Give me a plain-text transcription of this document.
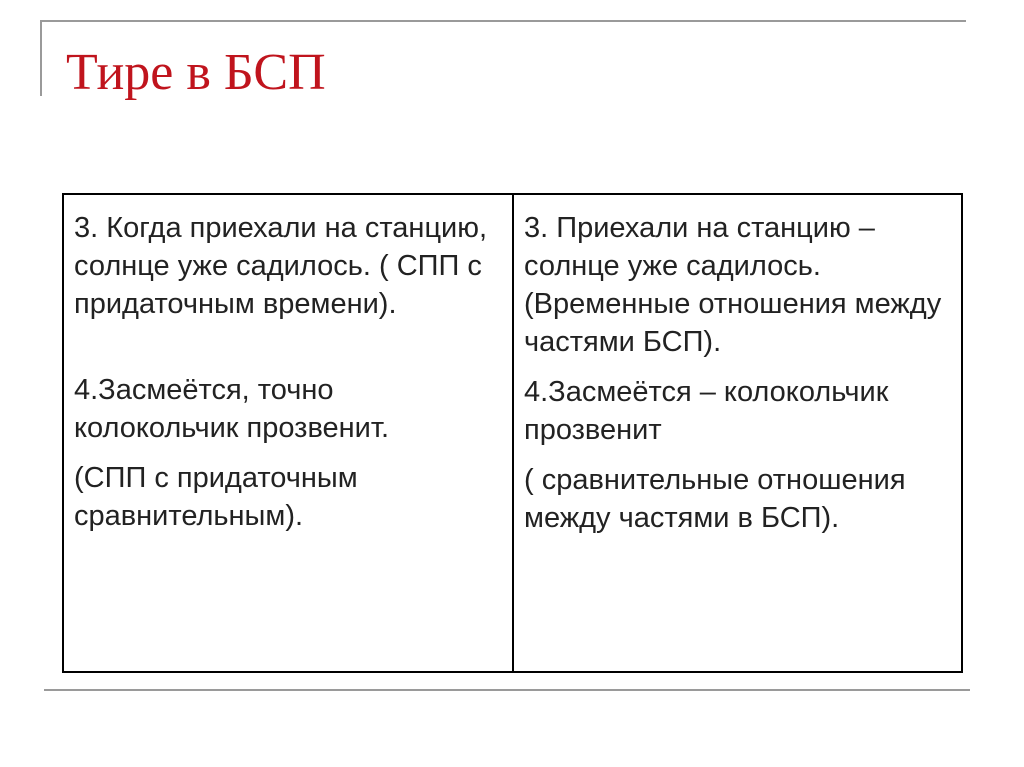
Тире в БСП

3. Когда приехали на станцию, солнце уже садилось. ( СПП с придаточным времени).

4.Засмеётся, точно колокольчик прозвенит.

(СПП с придаточным сравнительным).

3. Приехали на станцию – солнце уже садилось. (Временные отношения между частями БСП).

4.Засмеётся – колокольчик прозвенит

( сравнительные отношения между частями в БСП).
